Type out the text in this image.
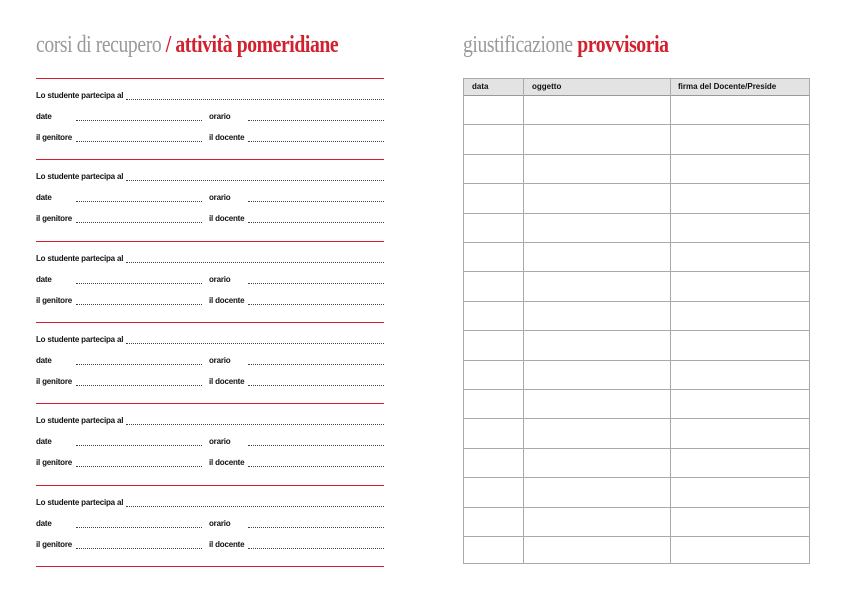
corsi di recupero / attività pomeridiane	giustificazione provvisoria
Lo studente partecipa al
date	orario
il genitore	il docente
Lo studente partecipa al
date	orario
il genitore	il docente
Lo studente partecipa al
date	orario
il genitore	il docente
Lo studente partecipa al
date	orario
il genitore	il docente
Lo studente partecipa al
date	orario
il genitore	il docente
Lo studente partecipa al
date	orario
il genitore	il docente
data	oggetto	firma del Docente/Preside
